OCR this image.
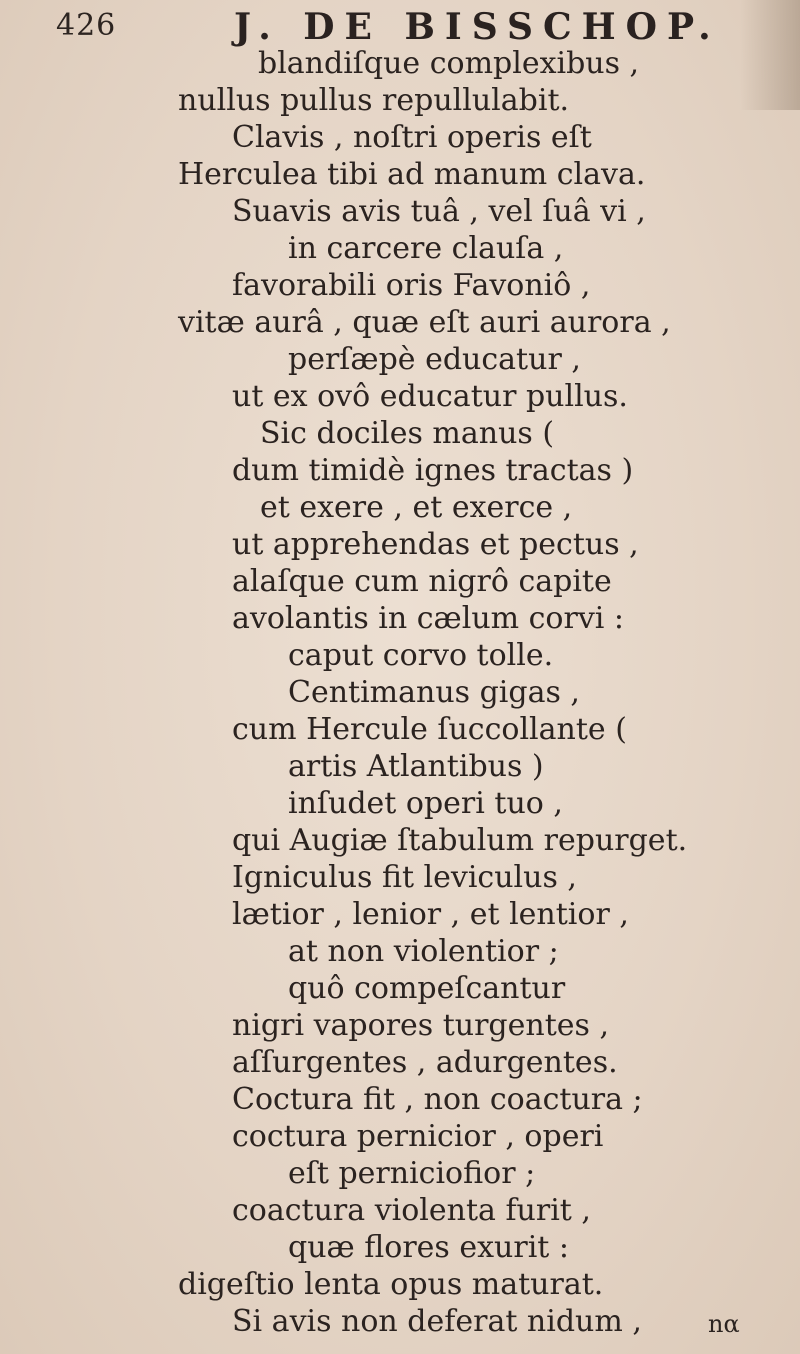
426	J. DE BISSCHOP.
blandiſque complexibus ,
nullus pullus repullulabit.
Clavis , noſtri operis eſt
Herculea tibi ad manum clava.
Suavis avis tuâ , vel ſuâ vi ,
in carcere clauſa ,
favorabili oris Favoniô ,
vitæ aurâ , quæ eſt auri aurora ,
perſæpè educatur ,
ut ex ovô educatur pullus.
Sic dociles manus (
dum timidè ignes tractas )
et exere , et exerce ,
ut apprehendas et pectus ,
alaſque cum nigrô capite
avolantis in cælum corvi :
caput corvo tolle.
Centimanus gigas ,
cum Hercule ſuccollante (
artis Atlantibus )
inſudet operi tuo ,
qui Augiæ ſtabulum repurget.
Igniculus fit leviculus ,
lætior , lenior , et lentior ,
at non violentior ;
quô compeſcantur
nigri vapores turgentes ,
aſſurgentes , adurgentes.
Coctura fit , non coactura ;
coctura pernicior , operi
eſt perniciofior ;
coactura violenta furit ,
quæ flores exurit :
digeſtio lenta opus maturat.
Si avis non deferat nidum ,	nα
